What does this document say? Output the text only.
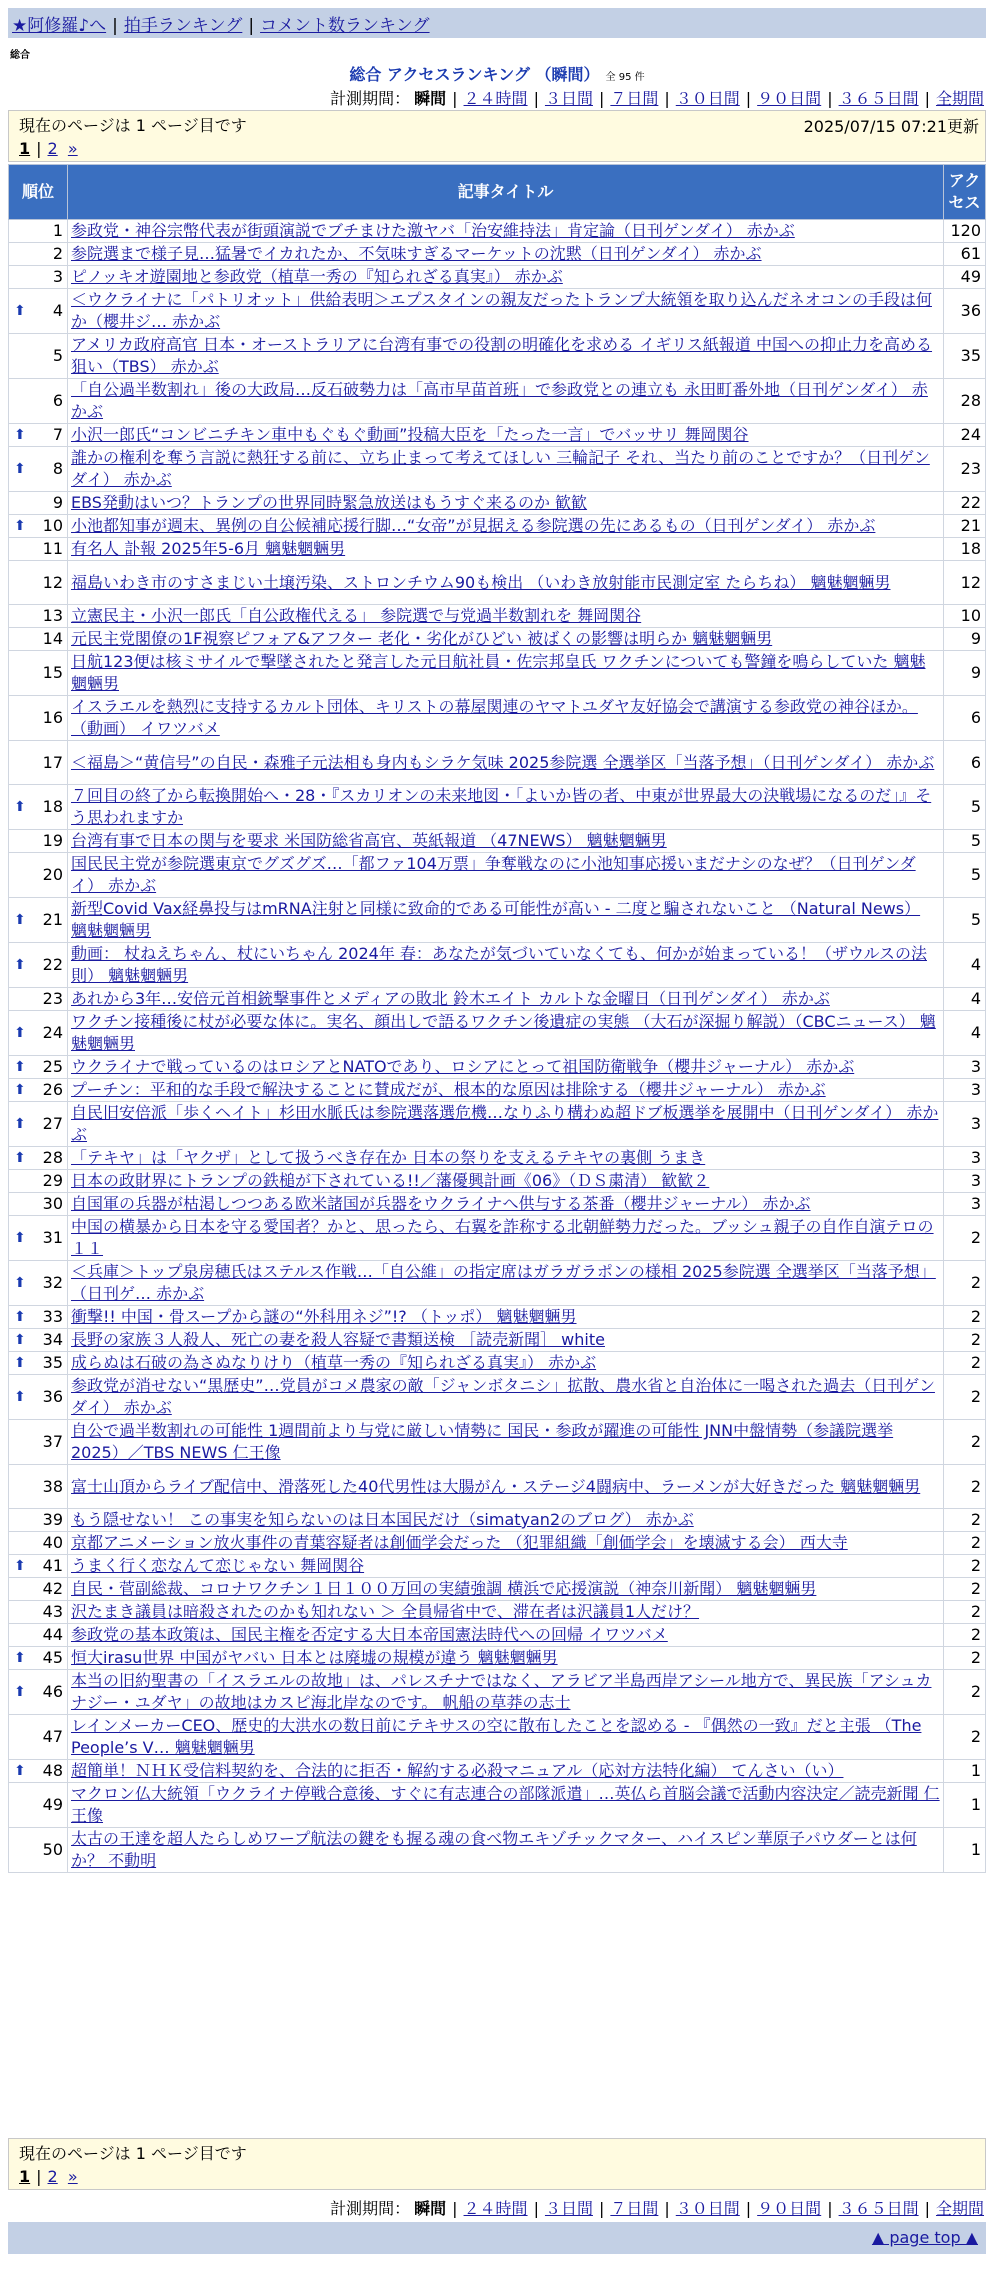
★阿修羅♪へ | 拍手ランキング | コメント数ランキング
総合
総合 アクセスランキング （瞬間） 全 95 件
計測期間： 瞬間 | ２４時間 | ３日間 | ７日間 | ３０日間 | ９０日間 | ３６５日間 | 全期間
現在のページは 1 ページ目です	2025/07/15 07:21更新
1 | 2 »
順位	記事タイトル	アクセス
1	参政党・神谷宗幣代表が街頭演説でブチまけた激ヤバ「治安維持法」肯定論（日刊ゲンダイ） 赤かぶ	120
2	参院選まで様子見…猛暑でイカれたか、不気味すぎるマーケットの沈黙（日刊ゲンダイ） 赤かぶ	61
3	ピノッキオ遊園地と参政党（植草一秀の『知られざる真実』） 赤かぶ	49

⬆ 4	＜ウクライナに「パトリオット」供給表明＞エプスタインの親友だったトランプ大統領を取り込んだネオコンの手段は何か（櫻井ジ… 赤かぶ	36
5	アメリカ政府高官 日本・オーストラリアに台湾有事での役割の明確化を求める イギリス紙報道 中国への抑止力を高める狙い（TBS） 赤かぶ	35
6	「自公過半数割れ」後の大政局…反石破勢力は「高市早苗首班」で参政党との連立も 永田町番外地（日刊ゲンダイ） 赤かぶ	28

⬆ 7	小沢一郎氏“コンビニチキン車中もぐもぐ動画”投稿大臣を「たった一言」でバッサリ 舞岡関谷	24

⬆ 8	誰かの権利を奪う言説に熱狂する前に、立ち止まって考えてほしい 三輪記子 それ、当たり前のことですか？（日刊ゲンダイ） 赤かぶ	23
9	EBS発動はいつ？トランプの世界同時緊急放送はもうすぐ来るのか 歓歓	22

⬆ 10	小池都知事が週末、異例の自公候補応援行脚…“女帝”が見据える参院選の先にあるもの（日刊ゲンダイ） 赤かぶ	21
11	有名人 訃報 2025年5-6月 魑魅魍魎男	18
12	福島いわき市のすさまじい土壌汚染、ストロンチウム90も検出 （いわき放射能市民測定室 たらちね） 魑魅魍魎男	12
13	立憲民主・小沢一郎氏「自公政権代える」 参院選で与党過半数割れを 舞岡関谷	10
14	元民主党閣僚の1F視察ピフォア&アフター 老化・劣化がひどい 被ばくの影響は明らか 魑魅魍魎男	9
15	日航123便は核ミサイルで撃墜されたと発言した元日航社員・佐宗邦皇氏 ワクチンについても警鐘を鳴らしていた 魑魅魍魎男	9
16	イスラエルを熱烈に支持するカルト団体、キリストの幕屋関連のヤマトユダヤ友好協会で講演する参政党の神谷ほか。（動画） イワツバメ	6
17	＜福島＞“黄信号”の自民・森雅子元法相も身内もシラケ気味 2025参院選 全選挙区「当落予想」（日刊ゲンダイ） 赤かぶ	6

⬆ 18	７回目の終了から転換開始へ・28・『スカリオンの未来地図・「よいか皆の者、中東が世界最大の決戦場になるのだ」』そう思われますか	5
19	台湾有事で日本の関与を要求 米国防総省高官、英紙報道 （47NEWS） 魑魅魍魎男	5
20	国民民主党が参院選東京でグズグズ…「都ファ104万票」争奪戦なのに小池知事応援いまだナシのなぜ？（日刊ゲンダイ） 赤かぶ	5

⬆ 21	新型Covid Vax経鼻投与はmRNA注射と同様に致命的である可能性が高い - 二度と騙されないこと （Natural News） 魑魅魍魎男	5

⬆ 22	動画： 杖ねえちゃん、杖にいちゃん 2024年 春：あなたが気づいていなくても、何かが始まっている！（ザウルスの法則） 魑魅魍魎男	4
23	あれから3年…安倍元首相銃撃事件とメディアの敗北 鈴木エイト カルトな金曜日（日刊ゲンダイ） 赤かぶ	4

⬆ 24	ワクチン接種後に杖が必要な体に。実名、顔出しで語るワクチン後遺症の実態 （大石が深掘り解説）（CBCニュース） 魑魅魍魎男	4

⬆ 25	ウクライナで戦っているのはロシアとNATOであり、ロシアにとって祖国防衛戦争（櫻井ジャーナル） 赤かぶ	3

⬆ 26	プーチン：平和的な手段で解決することに賛成だが、根本的な原因は排除する（櫻井ジャーナル） 赤かぶ	3

⬆ 27	自民旧安倍派「歩くヘイト」杉田水脈氏は参院選落選危機…なりふり構わぬ超ドブ板選挙を展開中（日刊ゲンダイ） 赤かぶ	3

⬆ 28	「テキヤ」は「ヤクザ」として扱うべき存在か 日本の祭りを支えるテキヤの裏側 うまき	3
29	日本の政財界にトランプの鉄槌が下されている!!／藩優興計画《06》（ＤＳ粛清） 歓歓２	3
30	自国軍の兵器が枯渇しつつある欧米諸国が兵器をウクライナへ供与する茶番（櫻井ジャーナル） 赤かぶ	3

⬆ 31	中国の横暴から日本を守る愛国者？かと、思ったら、右翼を詐称する北朝鮮勢力だった。ブッシュ親子の自作自演テロの１１	2

⬆ 32	＜兵庫＞トップ泉房穂氏はステルス作戦…「自公維」の指定席はガラガラポンの様相 2025参院選 全選挙区「当落予想」（日刊ゲ… 赤かぶ	2

⬆ 33	衝撃!! 中国・骨スープから謎の“外科用ネジ”!? （トッポ） 魑魅魍魎男	2

⬆ 34	長野の家族３人殺人、死亡の妻を殺人容疑で書類送検 ［読売新聞］ white	2

⬆ 35	成らぬは石破の為さぬなりけり（植草一秀の『知られざる真実』） 赤かぶ	2

⬆ 36	参政党が消せない“黒歴史”…党員がコメ農家の敵「ジャンボタニシ」拡散、農水省と自治体に一喝された過去（日刊ゲンダイ） 赤かぶ	2
37	自公で過半数割れの可能性 1週間前より与党に厳しい情勢に 国民・参政が躍進の可能性 JNN中盤情勢（参議院選挙2025）／TBS NEWS 仁王像	2
38	富士山頂からライブ配信中、滑落死した40代男性は大腸がん・ステージ4闘病中、ラーメンが大好きだった 魑魅魍魎男	2
39	もう隠せない！ この事実を知らないのは日本国民だけ（simatyan2のブログ） 赤かぶ	2
40	京都アニメーション放火事件の青葉容疑者は創価学会だった （犯罪組織「創価学会」を壊滅する会） 西大寺	2

⬆ 41	うまく行く恋なんて恋じゃない 舞岡関谷	2
42	自民・菅副総裁、コロナワクチン１日１００万回の実績強調 横浜で応援演説（神奈川新聞） 魑魅魍魎男	2
43	沢たまき議員は暗殺されたのかも知れない ＞ 全員帰省中で、滞在者は沢議員1人だけ？	2
44	参政党の基本政策は、国民主権を否定する大日本帝国憲法時代への回帰 イワツバメ	2

⬆ 45	恒大irasu世界 中国がヤバい 日本とは廃墟の規模が違う 魑魅魍魎男	2

⬆ 46	本当の旧約聖書の「イスラエルの故地」は、パレスチナではなく、アラビア半島西岸アシール地方で、異民族「アシュカナジー・ユダヤ」の故地はカスピ海北岸なのです。 帆船の草莽の志士	2
47	レインメーカーCEO、歴史的大洪水の数日前にテキサスの空に散布したことを認める - 『偶然の一致』だと主張 （The People’s V… 魑魅魍魎男	2

⬆ 48	超簡単！ＮＨＫ受信料契約を、合法的に拒否・解約する必殺マニュアル（応対方法特化編） てんさい（い）	1
49	マクロン仏大統領「ウクライナ停戦合意後、すぐに有志連合の部隊派遣」…英仏ら首脳会議で活動内容決定／読売新聞 仁王像	1
50	太古の王達を超人たらしめワープ航法の鍵をも握る魂の食べ物エキゾチックマター、ハイスピン華原子パウダーとは何か？ 不動明	1
現在のページは 1 ページ目です
1 | 2 »
計測期間： 瞬間 | ２４時間 | ３日間 | ７日間 | ３０日間 | ９０日間 | ３６５日間 | 全期間
▲ page top ▲
